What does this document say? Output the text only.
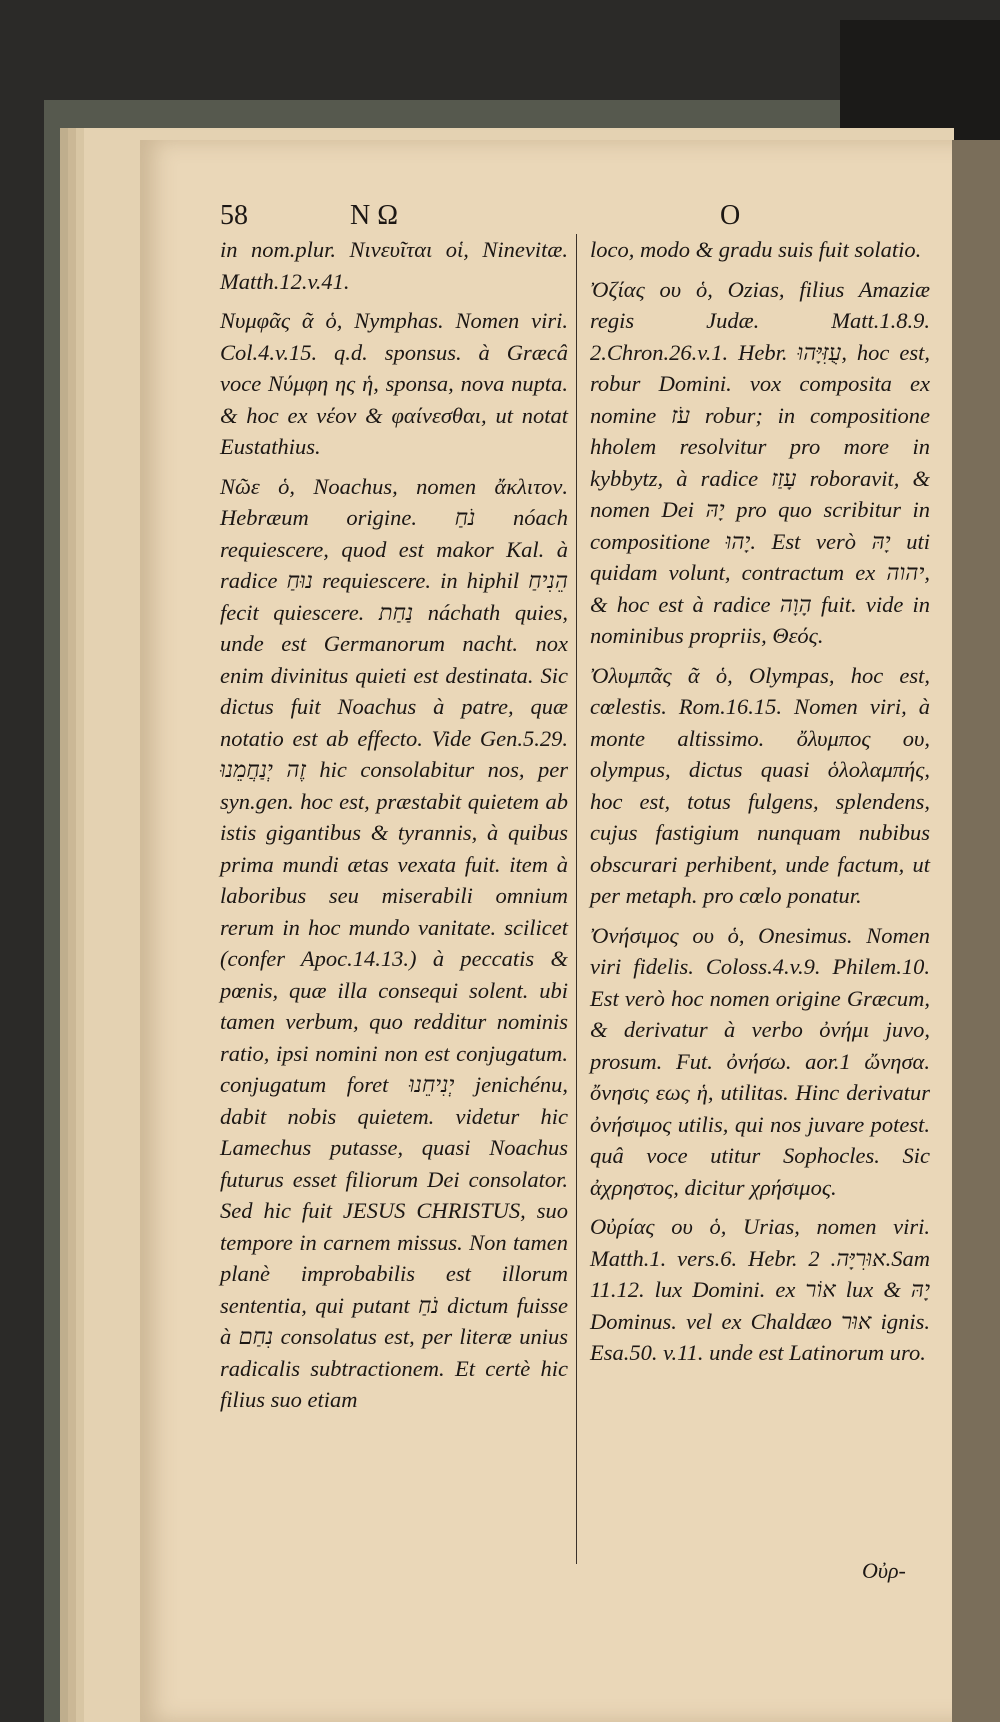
58	N Ω	O

in nom.plur. Νινευῖται οἱ, Ninevitæ. Matth.12.v.41.

Νυμφᾶς ᾶ ὁ, Nymphas. Nomen viri. Col.4.v.15. q.d. sponsus. à Græcâ voce Νύμφη ης ἡ, sponsa, nova nupta. & hoc ex νέον & φαίνεσθαι, ut notat Eustathius.

Νῶε ὁ, Noachus, nomen ἄκλιτον. Hebræum origine. נֹחַ nóach requiescere, quod est makor Kal. à radice נוּחַ requiescere. in hiphil הֵנִיחַ fecit quiescere. נַחַת náchath quies, unde est Germanorum nacht. nox enim divinitus quieti est destinata. Sic dictus fuit Noachus à patre, quæ notatio est ab effecto. Vide Gen.5.29. זֶה יְנַחֲמֵנוּ hic consolabitur nos, per syn.gen. hoc est, præstabit quietem ab istis gigantibus & tyrannis, à quibus prima mundi ætas vexata fuit. item à laboribus seu miserabili omnium rerum in hoc mundo vanitate. scilicet (confer Apoc.14.13.) à peccatis & pœnis, quæ illa consequi solent. ubi tamen verbum, quo redditur nominis ratio, ipsi nomini non est conjugatum. conjugatum foret יְנִיחֵנוּ jenichénu, dabit nobis quietem. videtur hic Lamechus putasse, quasi Noachus futurus esset filiorum Dei consolator. Sed hic fuit JESUS CHRISTUS, suo tempore in carnem missus. Non tamen planè improbabilis est illorum sententia, qui putant נֹחַ dictum fuisse à נִחַם consolatus est, per literæ unius radicalis subtractionem. Et certè hic filius suo etiam

loco, modo & gradu suis fuit solatio.

Ὀζίας ου ὁ, Ozias, filius Amaziæ regis Judæ. Matt.1.8.9. 2.Chron.26.v.1. Hebr. עֻזִּיָּהוּ, hoc est, robur Domini. vox composita ex nomine עֹז robur; in compositione hholem resolvitur pro more in kybbytz, à radice עָזַז roboravit, & nomen Dei יָהּ pro quo scribitur in compositione יָהוּ. Est verò יָהּ uti quidam volunt, contractum ex יהוה, & hoc est à radice הָוָה fuit. vide in nominibus propriis, Θεός.

Ὀλυμπᾶς ᾶ ὁ, Olympas, hoc est, cœlestis. Rom.16.15. Nomen viri, à monte altissimo. ὄλυμπος ου, olympus, dictus quasi ὁλολαμπής, hoc est, totus fulgens, splendens, cujus fastigium nunquam nubibus obscurari perhibent, unde factum, ut per metaph. pro cœlo ponatur.

Ὀνήσιμος ου ὁ, Onesimus. Nomen viri fidelis. Coloss.4.v.9. Philem.10. Est verò hoc nomen origine Græcum, & derivatur à verbo ὀνήμι juvo, prosum. Fut. ὀνήσω. aor.1 ὤνησα. ὄνησις εως ἡ, utilitas. Hinc derivatur ὀνήσιμος utilis, qui nos juvare potest. quâ voce utitur Sophocles. Sic ἀχρηστος, dicitur χρήσιμος.

Οὐρίας ου ὁ, Urias, nomen viri. Matth.1. vers.6. Hebr. אוּרִיָּה. 2.Sam 11.12. lux Domini. ex אוֹר lux & יָהּ Dominus. vel ex Chaldæo אוּר ignis. Esa.50. v.11. unde est Latinorum uro.

Οὐρ-
